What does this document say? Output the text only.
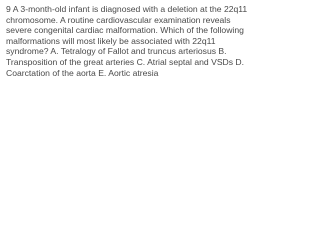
9 A 3-month-old infant is diagnosed with a deletion at the 22q11 chromosome. A routine cardiovascular examination reveals severe congenital cardiac malformation. Which of the following malformations will most likely be associated with 22q11 syndrome? A. Tetralogy of Fallot and truncus arteriosus B. Transposition of the great arteries C. Atrial septal and VSDs D. Coarctation of the aorta E. Aortic atresia
